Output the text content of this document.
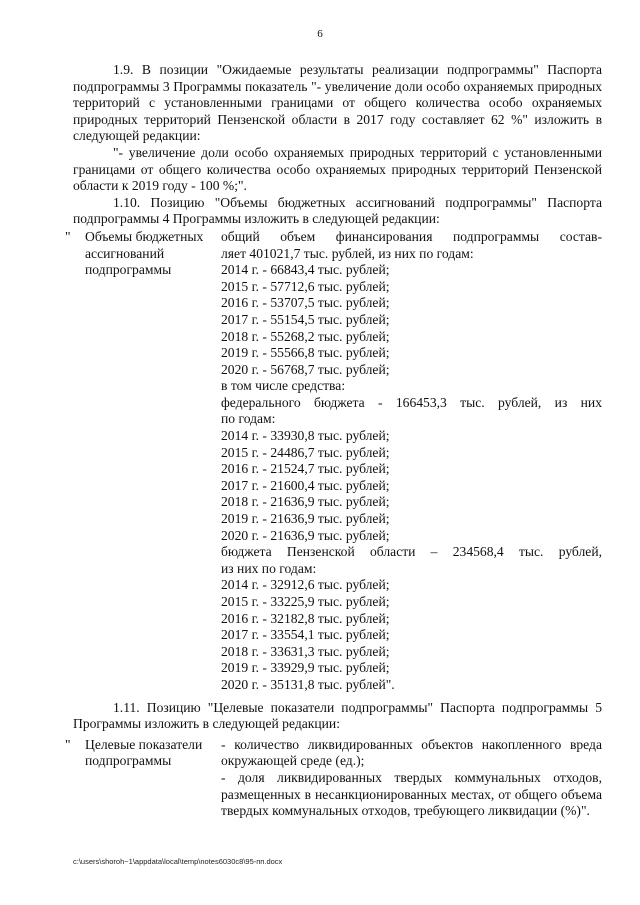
6

1.9. В позиции "Ожидаемые результаты реализации подпрограммы" Паспорта подпрограммы 3 Программы показатель "- увеличение доли особо охраняемых природных территорий с установленными границами от общего количества особо охраняемых природных территорий Пензенской области в 2017 году составляет 62 %" изложить в следующей редакции:

"- увеличение доли особо охраняемых природных территорий с установленными границами от общего количества особо охраняемых природных территорий Пензенской области к 2019 году - 100 %;".

1.10. Позицию "Объемы бюджетных ассигнований подпрограммы" Паспорта подпрограммы 4 Программы изложить в следующей редакции:

" Объемы бюджетных ассигнований подпрограммы
общий объем финансирования подпрограммы состав-
ляет 401021,7 тыс. рублей, из них по годам:
2014 г. - 66843,4 тыс. рублей;
2015 г. - 57712,6 тыс. рублей;
2016 г. - 53707,5 тыс. рублей;
2017 г. - 55154,5 тыс. рублей;
2018 г. - 55268,2 тыс. рублей;
2019 г. - 55566,8 тыс. рублей;
2020 г. - 56768,7 тыс. рублей;
в том числе средства:
федерального бюджета - 166453,3 тыс. рублей, из них
по годам:
2014 г. - 33930,8 тыс. рублей;
2015 г. - 24486,7 тыс. рублей;
2016 г. - 21524,7 тыс. рублей;
2017 г. - 21600,4 тыс. рублей;
2018 г. - 21636,9 тыс. рублей;
2019 г. - 21636,9 тыс. рублей;
2020 г. - 21636,9 тыс. рублей;
бюджета Пензенской области – 234568,4 тыс. рублей,
из них по годам:
2014 г. - 32912,6 тыс. рублей;
2015 г. - 33225,9 тыс. рублей;
2016 г. - 32182,8 тыс. рублей;
2017 г. - 33554,1 тыс. рублей;
2018 г. - 33631,3 тыс. рублей;
2019 г. - 33929,9 тыс. рублей;
2020 г. - 35131,8 тыс. рублей".

1.11. Позицию "Целевые показатели подпрограммы" Паспорта подпрограммы 5 Программы изложить в следующей редакции:

" Целевые показатели подпрограммы
- количество ликвидированных объектов накопленного вреда окружающей среде (ед.);
- доля ликвидированных твердых коммунальных отходов, размещенных в несанкционированных местах, от общего объема твердых коммунальных отходов, требующего ликвидации (%)".
c:\users\shoroh~1\appdata\local\temp\notes6030c8\95-пп.docx
